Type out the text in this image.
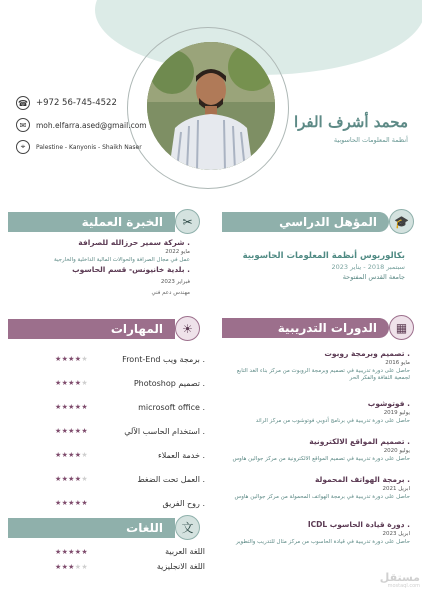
☎ +972 56-745-4522
✉	moh.elfarra.ased@gmail.com
⌖	Palestine - Kanyonis - Shaikh Naser
محمد أشرف الفرا
أنظمة المعلومات الحاسوبية
✂
الخبرة العملية
. شركة سمير حرزالله للصرافة
مايو 2022
عمل في مجال الصرافة والحوالات المالية الداخلية والخارجية
. بلدية خانيونس- قسم الحاسوب
فبراير 2023
مهندس دعم فني
☀
المهارات
★★★★★	. برمجة ويب Front-End
★★★★★	. تصميم Photoshop
★★★★★	. microsoft office
★★★★★	. استخدام الحاسب الآلي
★★★★★	. خدمة العملاء
★★★★★	. العمل تحت الضغط
★★★★★	. روح الفريق
文
اللغات
★★★★★	اللغة العربية
★★★★★	اللغة الانجليزية
🎓
المؤهل الدراسي
بكالوريوس أنظمة المعلومات الحاسوبية
سبتمبر 2018 - يناير 2023
جامعة القدس المفتوحة
▦
الدورات التدريبية
. تصميم وبرمجة روبوت
مايو 2016
حاصل على دورة تدريبية في تصميم وبرمجة الروبوت من مركز بناء الغد التابع لجمعية الثقافة والفكر الحر
. فوتوشوب
يوليو 2019
حاصل على دورة تدريبية في برنامج أدوبي فوتوشوب من مركز الرائد
. تصميم المواقع الالكترونية
يوليو 2020
حاصل على دورة تدريبية في تصميم المواقع الالكترونية من مركز جوالين هاوس
. برمجة الهواتف المحمولة
ابريل 2021
حاصل على دورة تدريبية في برمجة الهواتف المحمولة من مركز جوالين هاوس
. دورة قيادة الحاسوب ICDL
ابريل 2023
حاصل على دورة تدريبية في قيادة الحاسوب من مركز مثال للتدريب والتطوير
مستقل
mostaql.com
